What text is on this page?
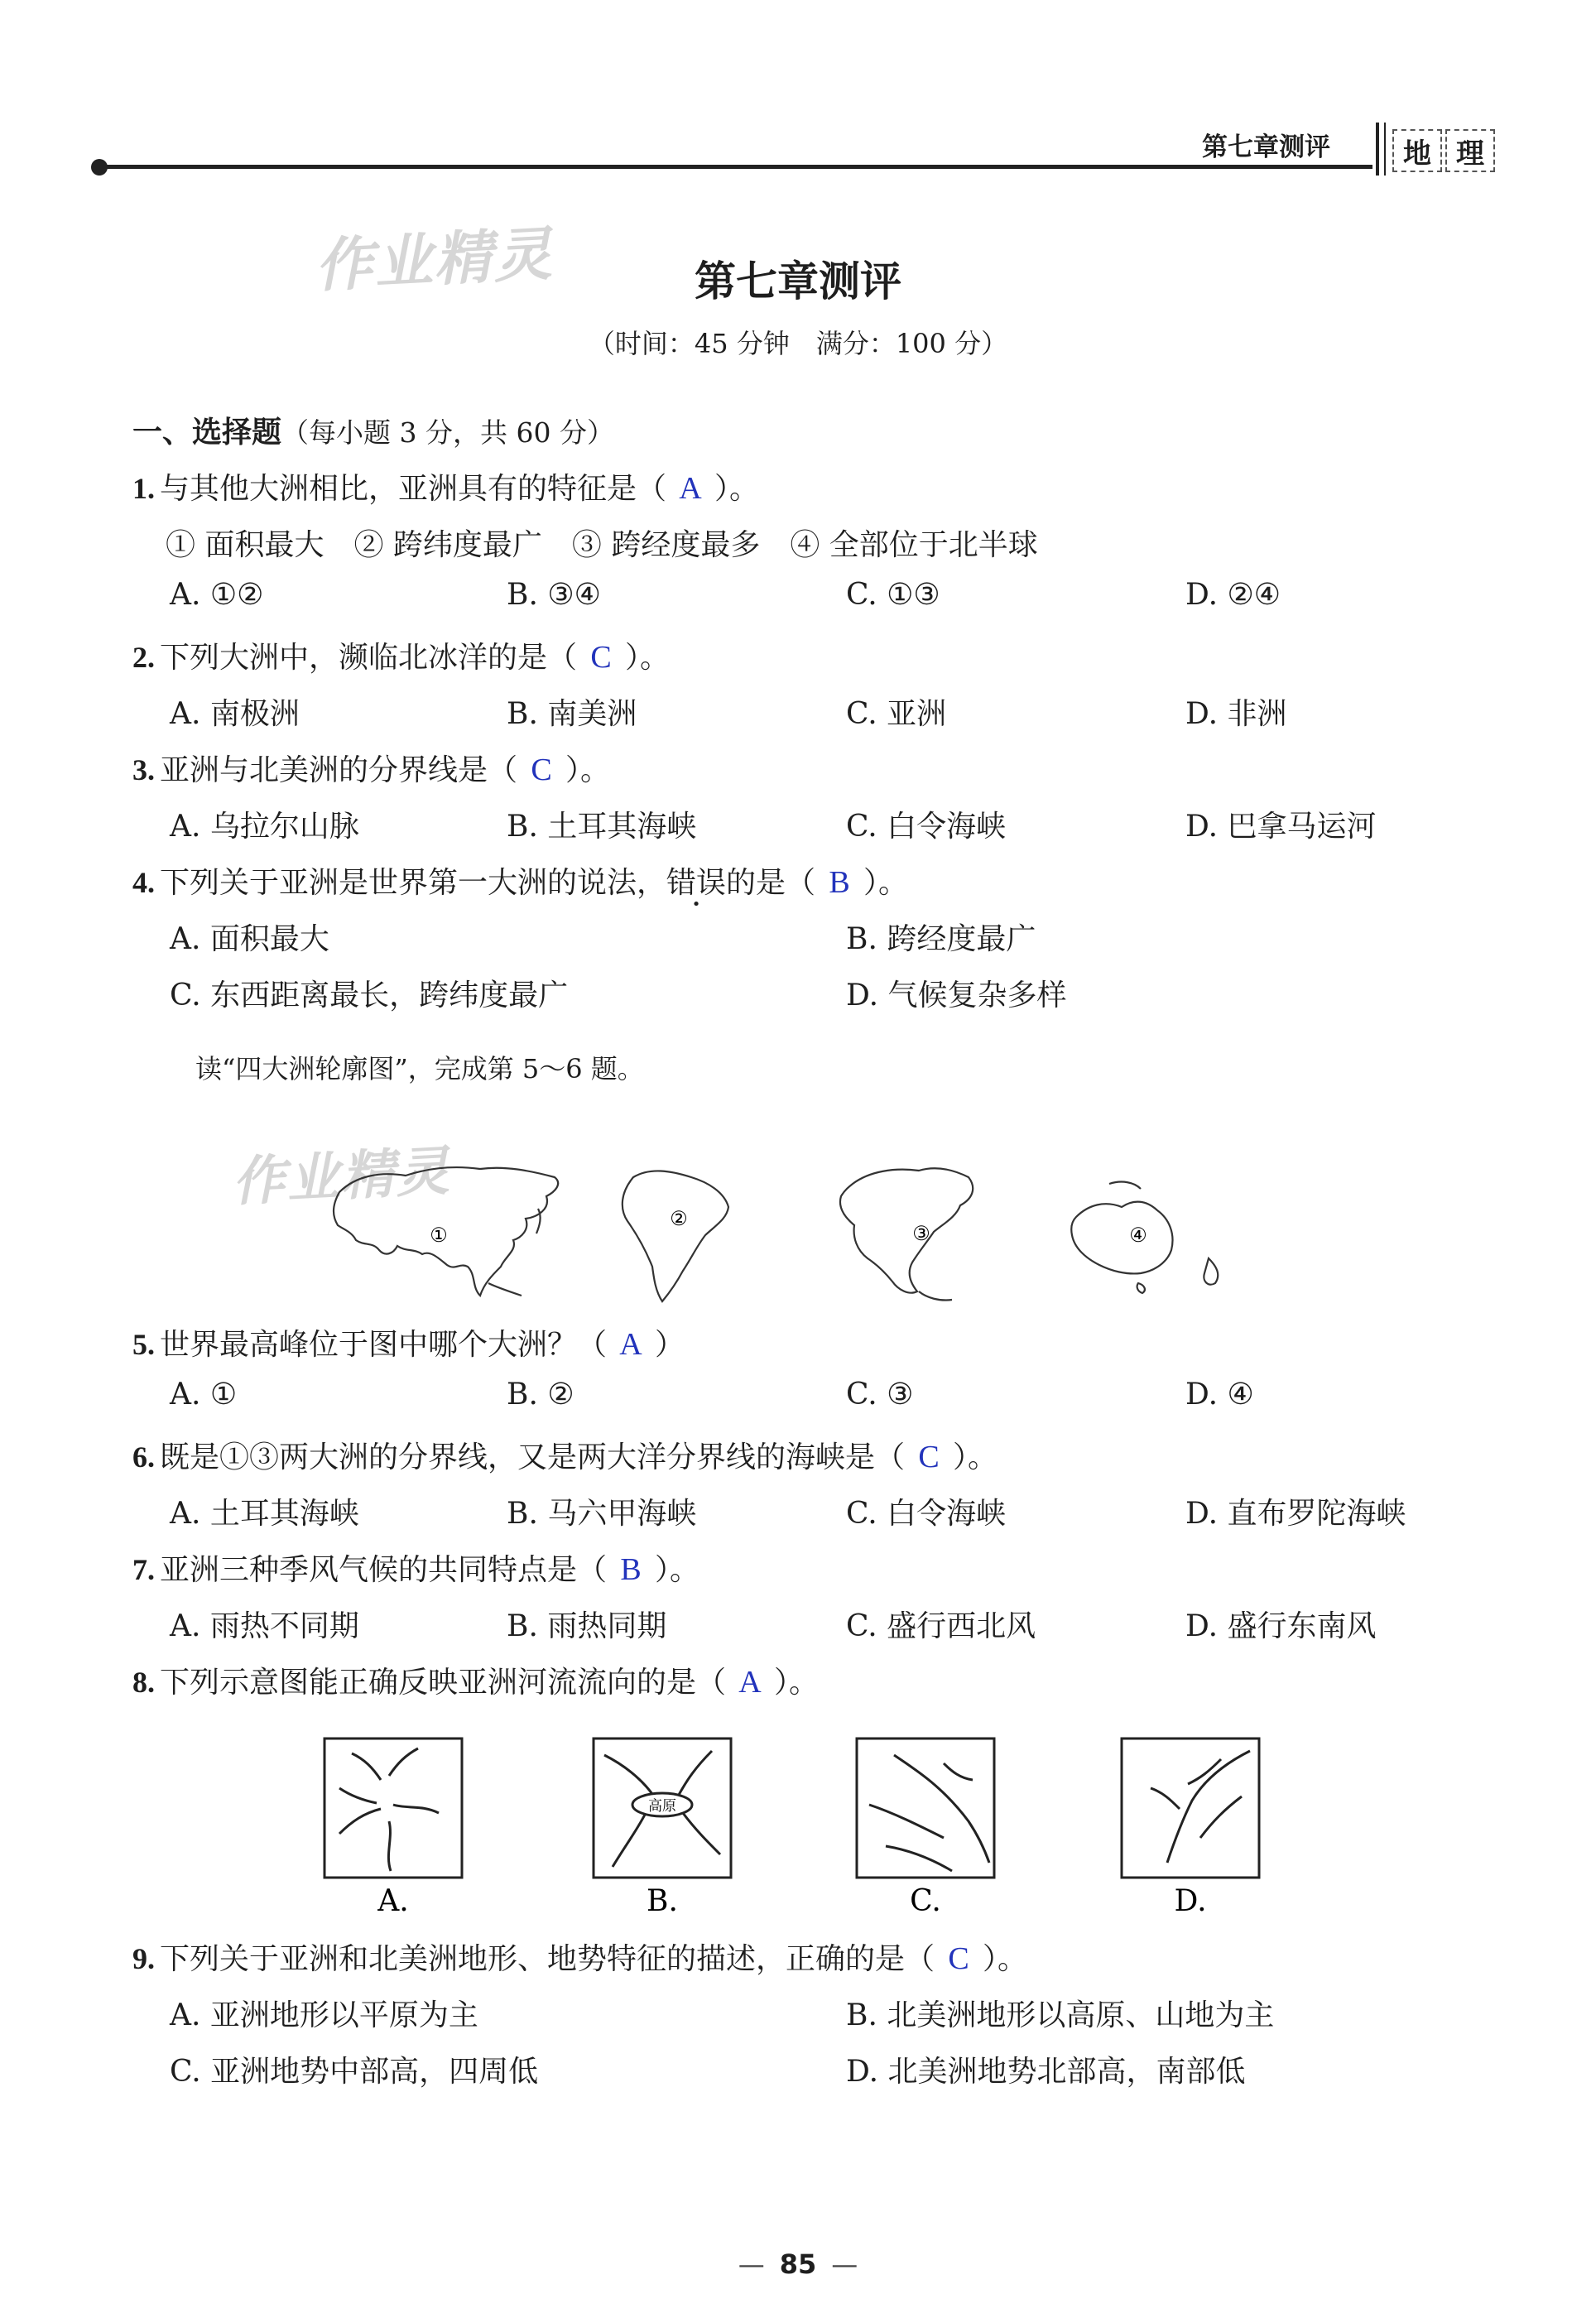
第七章测评	地 理
作业精灵
作业精灵
第七章测评
（时间：45 分钟　满分：100 分）
一、选择题（每小题 3 分，共 60 分）
1. 与其他大洲相比，亚洲具有的特征是（ A ）。
① 面积最大　② 跨纬度最广　③ 跨经度最多　④ 全部位于北半球
A. ①②	B. ③④	C. ①③	D. ②④
2. 下列大洲中，濒临北冰洋的是（ C ）。
A. 南极洲	B. 南美洲	C. 亚洲	D. 非洲
3. 亚洲与北美洲的分界线是（ C ）。
A. 乌拉尔山脉	B. 土耳其海峡	C. 白令海峡	D. 巴拿马运河
4. 下列关于亚洲是世界第一大洲的说法，错误的是（ B ）。
A. 面积最大	B. 跨经度最广
C. 东西距离最长，跨纬度最广	D. 气候复杂多样
读“四大洲轮廓图”，完成第 5～6 题。
①
②
③	④
5. 世界最高峰位于图中哪个大洲？（ A ）
A. ①	B. ②	C. ③	D. ④
6. 既是①③两大洲的分界线，又是两大洋分界线的海峡是（ C ）。
A. 土耳其海峡	B. 马六甲海峡	C. 白令海峡	D. 直布罗陀海峡
7. 亚洲三种季风气候的共同特点是（ B ）。
A. 雨热不同期	B. 雨热同期	C. 盛行西北风	D. 盛行东南风
8. 下列示意图能正确反映亚洲河流流向的是（ A ）。
高原
A.	B.	C.	D.
9. 下列关于亚洲和北美洲地形、地势特征的描述，正确的是（ C ）。
A. 亚洲地形以平原为主	B. 北美洲地形以高原、山地为主
C. 亚洲地势中部高，四周低	D. 北美洲地势北部高，南部低
— 85 —
